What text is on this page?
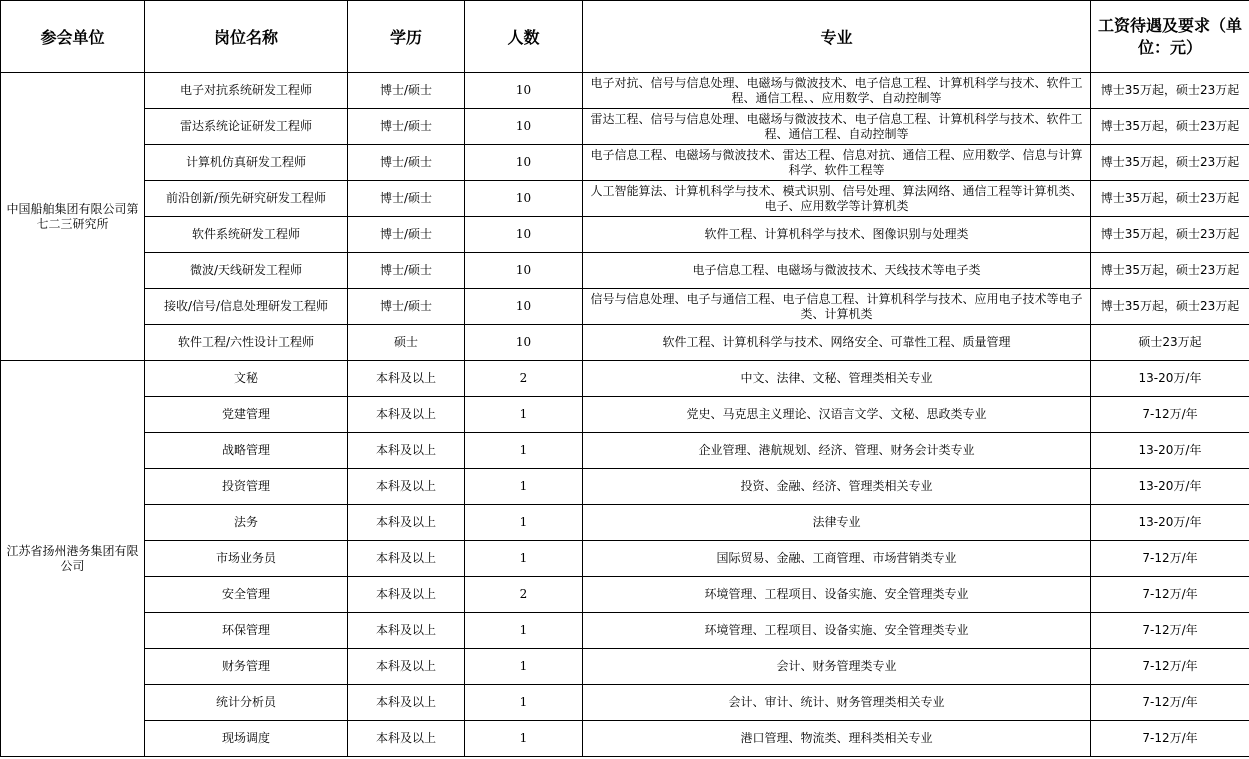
参会单位	岗位名称	学历	人数	专业	工资待遇及要求（单位：元）
中国船舶集团有限公司第七二三研究所	电子对抗系统研发工程师	博士/硕士	10	电子对抗、信号与信息处理、电磁场与微波技术、电子信息工程、计算机科学与技术、软件工程、通信工程、、应用数学、自动控制等	博士35万起，硕士23万起
	雷达系统论证研发工程师	博士/硕士	10	雷达工程、信号与信息处理、电磁场与微波技术、电子信息工程、计算机科学与技术、软件工程、通信工程、自动控制等	博士35万起，硕士23万起
	计算机仿真研发工程师	博士/硕士	10	电子信息工程、电磁场与微波技术、雷达工程、信息对抗、通信工程、应用数学、信息与计算科学、软件工程等	博士35万起，硕士23万起
	前沿创新/预先研究研发工程师	博士/硕士	10	人工智能算法、计算机科学与技术、模式识别、信号处理、算法网络、通信工程等计算机类、电子、应用数学等计算机类	博士35万起，硕士23万起
	软件系统研发工程师	博士/硕士	10	软件工程、计算机科学与技术、图像识别与处理类	博士35万起，硕士23万起
	微波/天线研发工程师	博士/硕士	10	电子信息工程、电磁场与微波技术、天线技术等电子类	博士35万起，硕士23万起
	接收/信号/信息处理研发工程师	博士/硕士	10	信号与信息处理、电子与通信工程、电子信息工程、计算机科学与技术、应用电子技术等电子类、计算机类	博士35万起，硕士23万起
	软件工程/六性设计工程师	硕士	10	软件工程、计算机科学与技术、网络安全、可靠性工程、质量管理	硕士23万起
江苏省扬州港务集团有限公司	文秘	本科及以上	2	中文、法律、文秘、管理类相关专业	13-20万/年
	党建管理	本科及以上	1	党史、马克思主义理论、汉语言文学、文秘、思政类专业	7-12万/年
	战略管理	本科及以上	1	企业管理、港航规划、经济、管理、财务会计类专业	13-20万/年
	投资管理	本科及以上	1	投资、金融、经济、管理类相关专业	13-20万/年
	法务	本科及以上	1	法律专业	13-20万/年
	市场业务员	本科及以上	1	国际贸易、金融、工商管理、市场营销类专业	7-12万/年
	安全管理	本科及以上	2	环境管理、工程项目、设备实施、安全管理类专业	7-12万/年
	环保管理	本科及以上	1	环境管理、工程项目、设备实施、安全管理类专业	7-12万/年
	财务管理	本科及以上	1	会计、财务管理类专业	7-12万/年
	统计分析员	本科及以上	1	会计、审计、统计、财务管理类相关专业	7-12万/年
	现场调度	本科及以上	1	港口管理、物流类、理科类相关专业	7-12万/年
